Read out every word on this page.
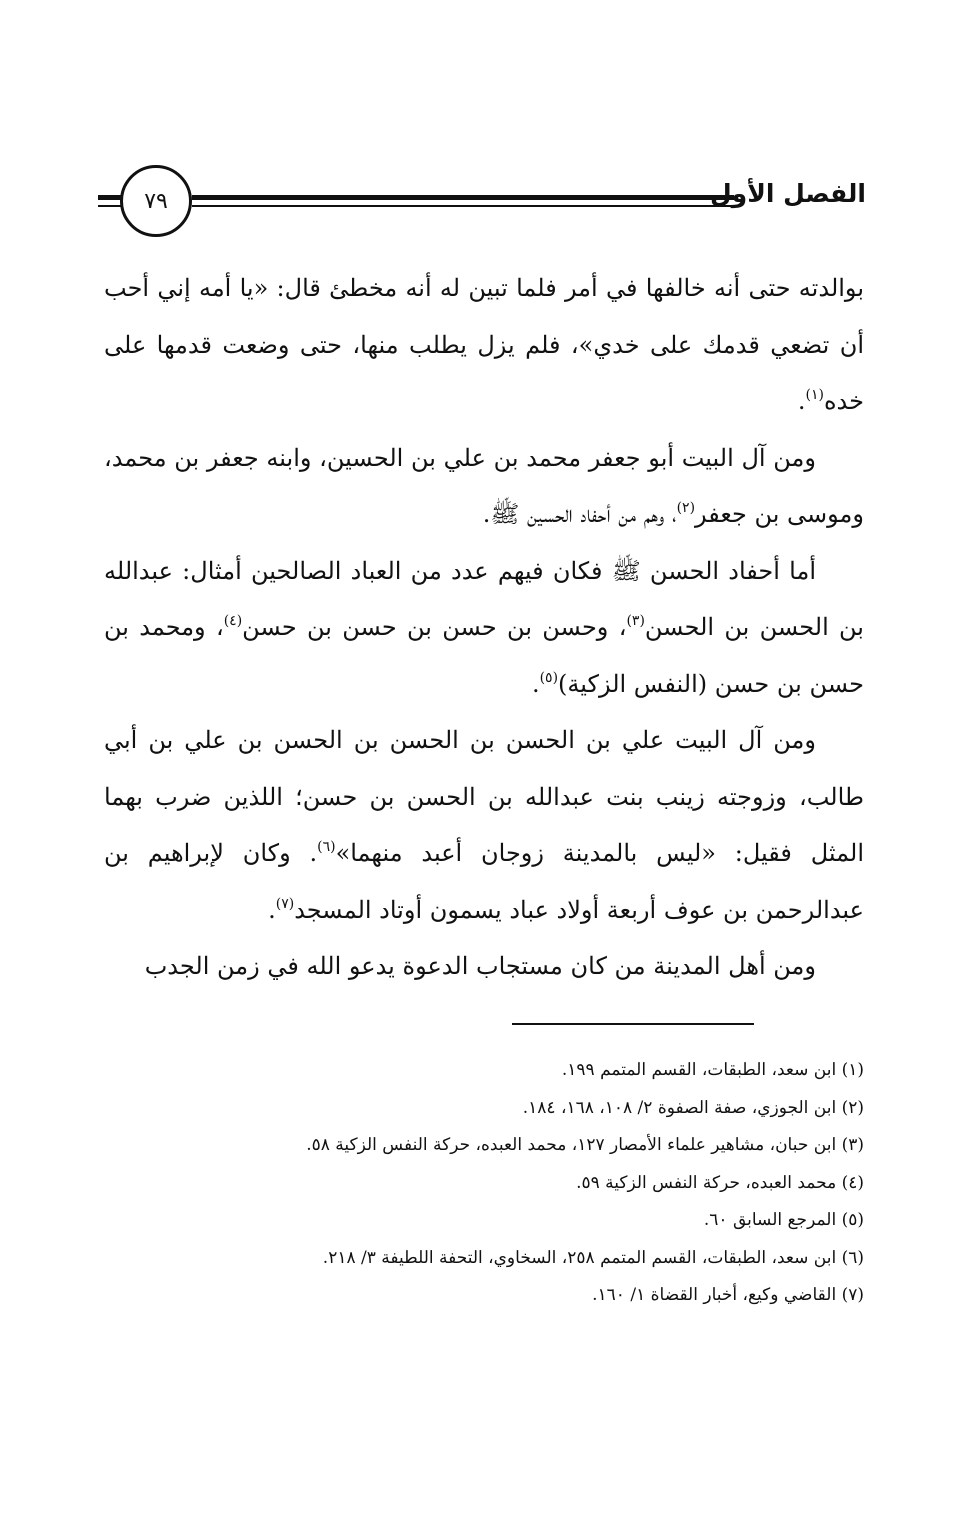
الفصل الأول
٧٩

بوالدته حتى أنه خالفها في أمر فلما تبين له أنه مخطئ قال: «يا أمه إني أحب أن تضعي قدمك على خدي»، فلم يزل يطلب منها، حتى وضعت قدمها على خده$^{(١)}$.

ومن آل البيت أبو جعفر محمد بن علي بن الحسين، وابنه جعفر بن محمد، وموسى بن جعفر$^{(٢)}$، وهم من أحفاد الحسين ﷺ.

أما أحفاد الحسن ﷺ فكان فيهم عدد من العباد الصالحين أمثال: عبدالله بن الحسن بن الحسن$^{(٣)}$، وحسن بن حسن بن حسن بن حسن$^{(٤)}$، ومحمد بن حسن بن حسن (النفس الزكية)$^{(٥)}$.

ومن آل البيت علي بن الحسن بن الحسن بن الحسن بن علي بن أبي طالب، وزوجته زينب بنت عبدالله بن الحسن بن حسن؛ اللذين ضرب بهما المثل فقيل: «ليس بالمدينة زوجان أعبد منهما»$^{(٦)}$. وكان لإبراهيم بن عبدالرحمن بن عوف أربعة أولاد عباد يسمون أوتاد المسجد$^{(٧)}$.

ومن أهل المدينة من كان مستجاب الدعوة يدعو الله في زمن الجدب

(١) ابن سعد، الطبقات، القسم المتمم ١٩٩.
(٢) ابن الجوزي، صفة الصفوة ٢/ ١٠٨، ١٦٨، ١٨٤.
(٣) ابن حبان، مشاهير علماء الأمصار ١٢٧، محمد العبده، حركة النفس الزكية ٥٨.
(٤) محمد العبده، حركة النفس الزكية ٥٩.
(٥) المرجع السابق ٦٠.
(٦) ابن سعد، الطبقات، القسم المتمم ٢٥٨، السخاوي، التحفة اللطيفة ٣/ ٢١٨.
(٧) القاضي وكيع، أخبار القضاة ١/ ١٦٠.
